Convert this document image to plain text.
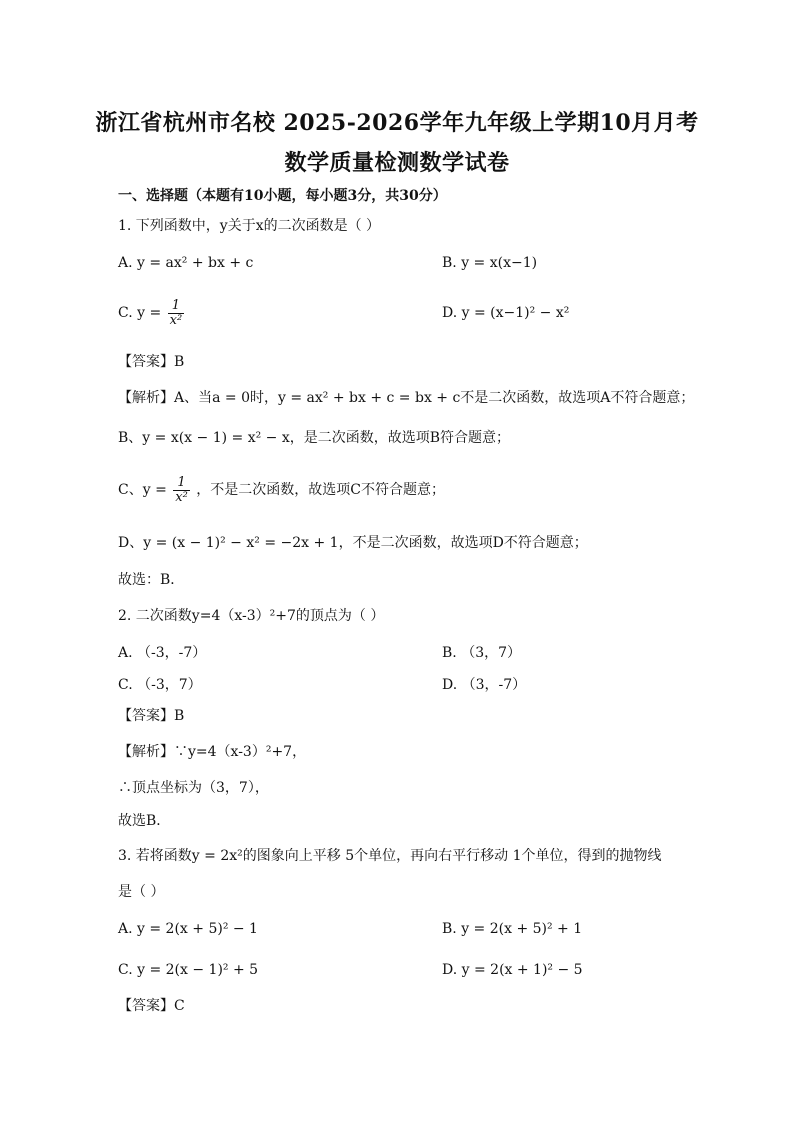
浙江省杭州市名校 2025-2026学年九年级上学期10月月考
数学质量检测数学试卷
一、选择题（本题有10小题，每小题3分，共30分）
1. 下列函数中，y关于x的二次函数是（ ）
A. y = ax² + bx + c	B. y = x(x−1)
C. $y = \frac{1}{\text{x²}}$	D. y = (x−1)² − x²
【答案】B
【解析】A、当a = 0时，y = ax² + bx + c = bx + c不是二次函数，故选项A不符合题意；
B、y = x(x − 1) = x² − x，是二次函数，故选项B符合题意；
C、$y = \frac{1}{\text{x²}}$ ，不是二次函数，故选项C不符合题意；
D、y = (x − 1)² − x² = −2x + 1，不是二次函数，故选项D不符合题意；
故选：B．
2. 二次函数y=4（x-3）²+7的顶点为（ ）
A. （-3，-7）	B. （3，7）
C. （-3，7）	D. （3，-7）
【答案】B
【解析】∵y=4（x-3）²+7，
∴顶点坐标为（3，7），
故选B．
3. 若将函数y = 2x²的图象向上平移 5个单位，再向右平行移动 1个单位，得到的抛物线
是（ ）
A. y = 2(x + 5)² − 1	B. y = 2(x + 5)² + 1
C. y = 2(x − 1)² + 5	D. y = 2(x + 1)² − 5
【答案】C
